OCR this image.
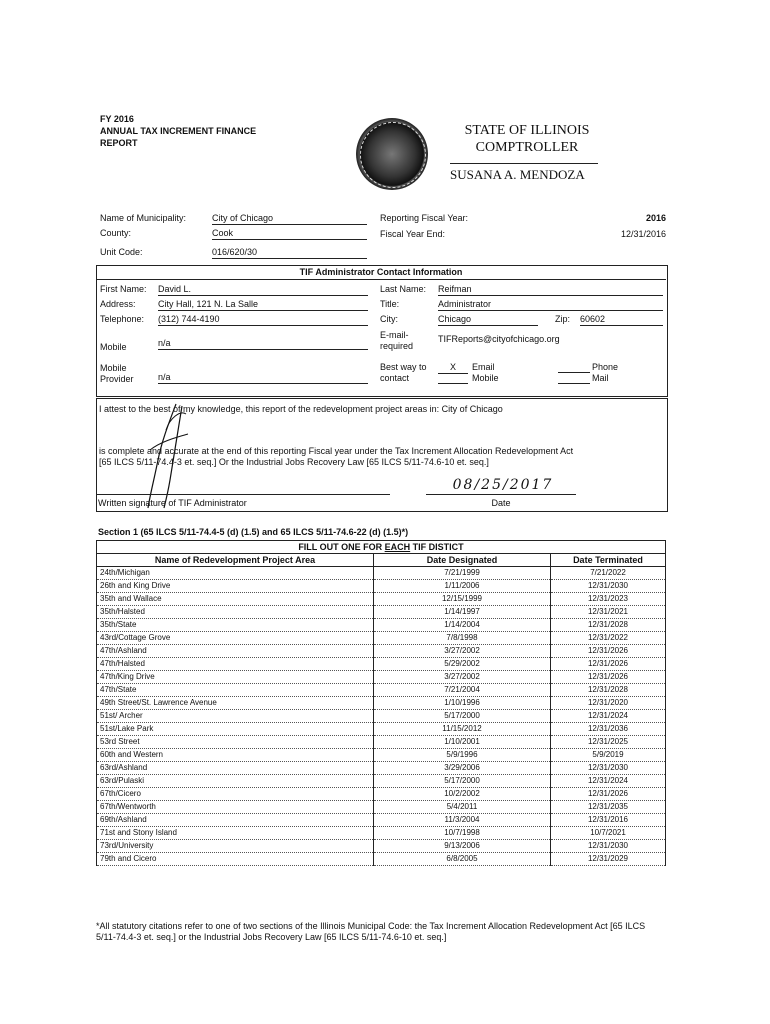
FY 2016
ANNUAL TAX INCREMENT FINANCE
REPORT
STATE OF ILLINOIS
COMPTROLLER
SUSANA A. MENDOZA
Name of Municipality:	City of Chicago
County:	Cook
Unit Code:	016/620/30
Reporting Fiscal Year:	2016
Fiscal Year End:	12/31/2016
TIF Administrator Contact Information
First Name: David L.
Address: City Hall, 121 N. La Salle
Telephone: (312) 744-4190
Mobile	n/a
Mobile
Provider	n/a
Last Name: Reifman
Title:	Administrator
City:	Chicago	Zip: 60602
E-mail-
required
TIFReports@cityofchicago.org
Best way to
contact
X	Email
Mobile
Phone
Mail
I attest to the best of my knowledge, this report of the redevelopment project areas in: City of Chicago
is complete and accurate at the end of this reporting Fiscal year under the Tax Increment Allocation Redevelopment Act
[65 ILCS 5/11-74.4-3 et. seq.] Or the Industrial Jobs Recovery Law [65 ILCS 5/11-74.6-10 et. seq.]
Written signature of TIF Administrator
08/25/2017
Date
Section 1 (65 ILCS 5/11-74.4-5 (d) (1.5) and 65 ILCS 5/11-74.6-22 (d) (1.5)*)
FILL OUT ONE FOR EACH TIF DISTICT		
Name of Redevelopment Project Area	Date Designated	Date Terminated
24th/Michigan	7/21/1999	7/21/2022
26th and King Drive	1/11/2006	12/31/2030
35th and Wallace	12/15/1999	12/31/2023
35th/Halsted	1/14/1997	12/31/2021
35th/State	1/14/2004	12/31/2028
43rd/Cottage Grove	7/8/1998	12/31/2022
47th/Ashland	3/27/2002	12/31/2026
47th/Halsted	5/29/2002	12/31/2026
47th/King Drive	3/27/2002	12/31/2026
47th/State	7/21/2004	12/31/2028
49th Street/St. Lawrence Avenue	1/10/1996	12/31/2020
51st/ Archer	5/17/2000	12/31/2024
51st/Lake Park	11/15/2012	12/31/2036
53rd Street	1/10/2001	12/31/2025
60th and Western	5/9/1996	5/9/2019
63rd/Ashland	3/29/2006	12/31/2030
63rd/Pulaski	5/17/2000	12/31/2024
67th/Cicero	10/2/2002	12/31/2026
67th/Wentworth	5/4/2011	12/31/2035
69th/Ashland	11/3/2004	12/31/2016
71st and Stony Island	10/7/1998	10/7/2021
73rd/University	9/13/2006	12/31/2030
79th and Cicero	6/8/2005	12/31/2029
*All statutory citations refer to one of two sections of the Illinois Municipal Code: the Tax Increment Allocation Redevelopment Act [65 ILCS 5/11-74.4-3 et. seq.] or the Industrial Jobs Recovery Law [65 ILCS 5/11-74.6-10 et. seq.]
